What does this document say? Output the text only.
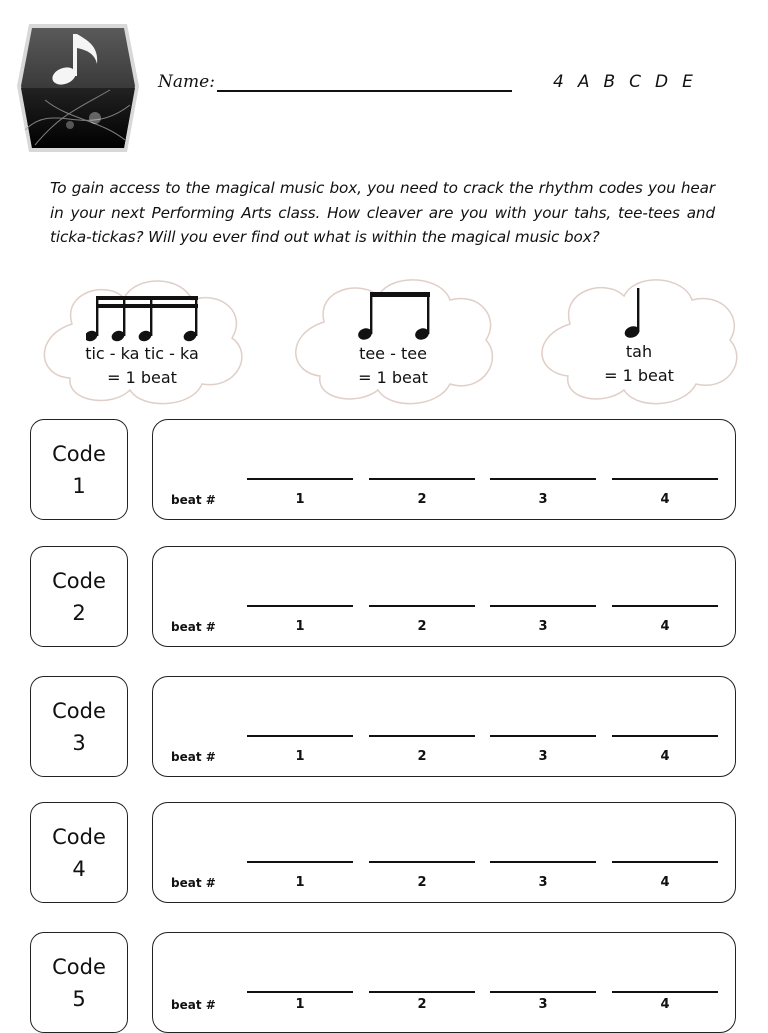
Name:	4 A B C D E
To gain access to the magical music box, you need to crack the rhythm codes you hear in your next Performing Arts class. How cleaver are you with your tahs, tee-tees and ticka-tickas? Will you ever find out what is within the magical music box?
tic - ka tic - ka
= 1 beat
tee - tee
= 1 beat
tah
= 1 beat
Code
1
beat #	1	2	3	4
Code
2
beat #	1	2	3	4
Code
3
beat #	1	2	3	4
Code
4
beat #	1	2	3	4
Code
5	beat #	1	2	3	4
